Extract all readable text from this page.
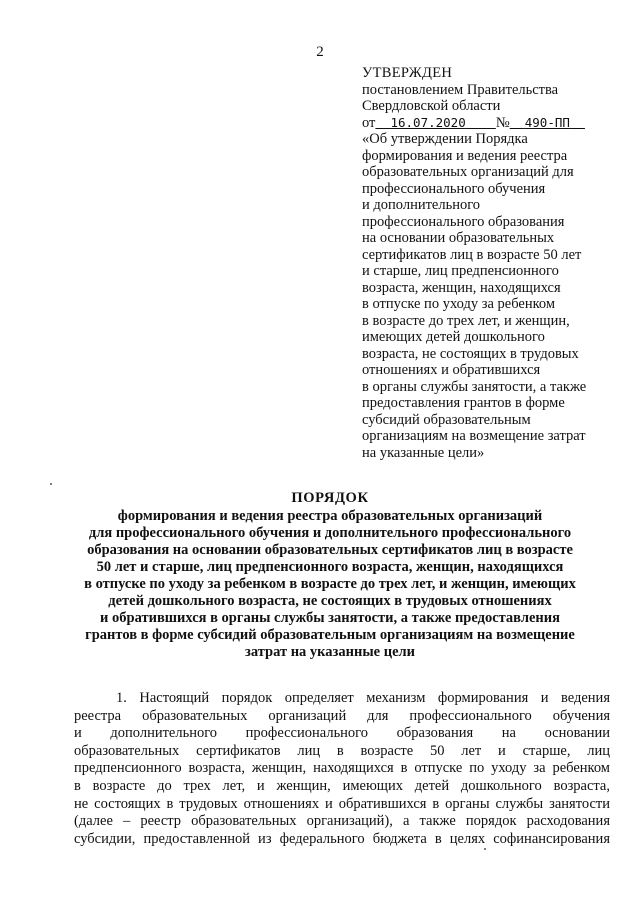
2
УТВЕРЖДЕН
постановлением Правительства
Свердловской области
от 16.07.2020 № 490-ПП
«Об утверждении Порядка
формирования и ведения реестра
образовательных организаций для
профессионального обучения
и дополнительного
профессионального образования
на основании образовательных
сертификатов лиц в возрасте 50 лет
и старше, лиц предпенсионного
возраста, женщин, находящихся
в отпуске по уходу за ребенком
в возрасте до трех лет, и женщин,
имеющих детей дошкольного
возраста, не состоящих в трудовых
отношениях и обратившихся
в органы службы занятости, а также
предоставления грантов в форме
субсидий образовательным
организациям на возмещение затрат
на указанные цели»
ПОРЯДОК
формирования и ведения реестра образовательных организаций
для профессионального обучения и дополнительного профессионального
образования на основании образовательных сертификатов лиц в возрасте
50 лет и старше, лиц предпенсионного возраста, женщин, находящихся
в отпуске по уходу за ребенком в возрасте до трех лет, и женщин, имеющих
детей дошкольного возраста, не состоящих в трудовых отношениях
и обратившихся в органы службы занятости, а также предоставления
грантов в форме субсидий образовательным организациям на возмещение
затрат на указанные цели
1. Настоящий порядок определяет механизм формирования и ведения
реестра образовательных организаций для профессионального обучения
и дополнительного профессионального образования на основании
образовательных сертификатов лиц в возрасте 50 лет и старше, лиц
предпенсионного возраста, женщин, находящихся в отпуске по уходу за ребенком
в возрасте до трех лет, и женщин, имеющих детей дошкольного возраста,
не состоящих в трудовых отношениях и обратившихся в органы службы занятости
(далее – реестр образовательных организаций), а также порядок расходования
субсидии, предоставленной из федерального бюджета в целях софинансирования
